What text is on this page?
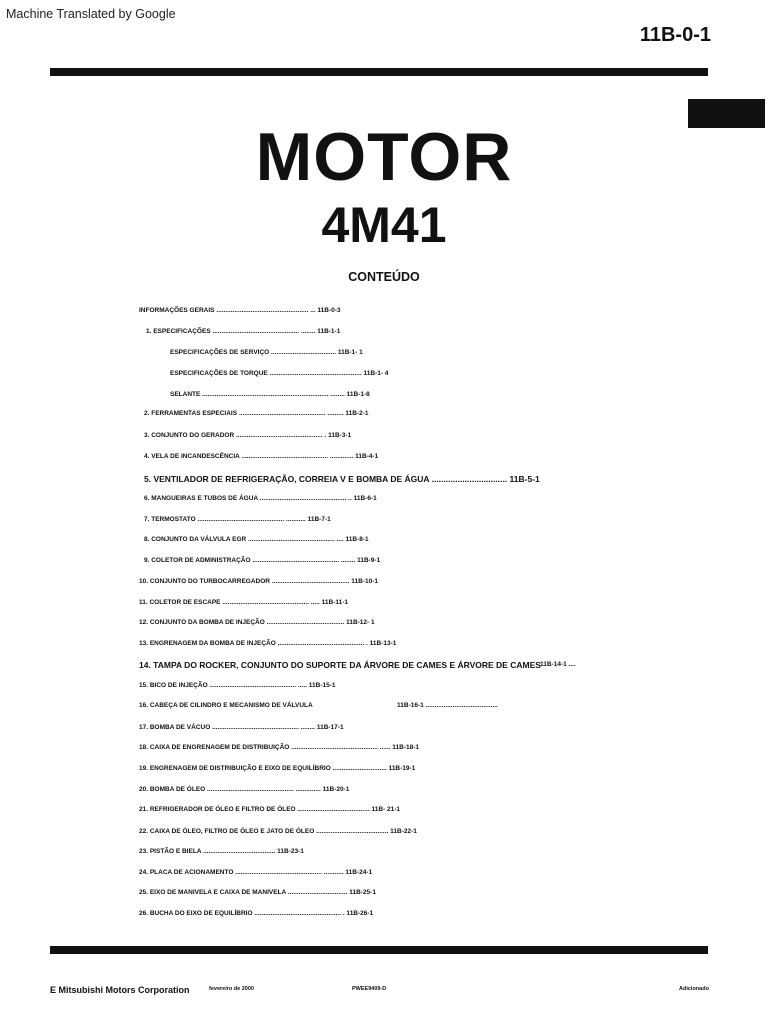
Machine Translated by Google
11B-0-1
MOTOR
4M41
CONTEÚDO
INFORMAÇÕES GERAIS ................................................... ... 11B-0-3
1. ESPECIFICAÇÕES ................................................ ........ 11B-1-1
ESPECIFICAÇÕES DE SERVIÇO .................................... 11B-1- 1
ESPECIFICAÇÕES DE TORQUE ................................................... 11B-1- 4
SELANTE ...................................................................... ........ 11B-1-8
2. FERRAMENTAS ESPECIAIS ................................................ ......... 11B-2-1
3. CONJUNTO DO GERADOR ................................................ . 11B-3-1
4. VELA DE INCANDESCÊNCIA ................................................ ............. 11B-4-1
5. VENTILADOR DE REFRIGERAÇÃO, CORREIA V E BOMBA DE ÁGUA ................................ 11B-5-1
6. MANGUEIRAS E TUBOS DE ÁGUA ................................................ .. 11B-6-1
7. TERMOSTATO ................................................ ........... 11B-7-1
8. CONJUNTO DA VÁLVULA EGR ................................................ .... 11B-8-1
9. COLETOR DE ADMINISTRAÇÃO ................................................ ........ 11B-9-1
10. CONJUNTO DO TURBOCARREGADOR ........................................... 11B-10-1
11. COLETOR DE ESCAPE ................................................ ..... 11B-11-1
12. CONJUNTO DA BOMBA DE INJEÇÃO ........................................... 11B-12- 1
13. ENGRENAGEM DA BOMBA DE INJEÇÃO ................................................ . 11B-13-1
14. TAMPA DO ROCKER, CONJUNTO DO SUPORTE DA ÁRVORE DE CAMES E ÁRVORE DE CAMES 11B-14-1 ....
15. BICO DE INJEÇÃO ................................................ ..... 11B-15-1
16. CABEÇA DE CILINDRO E MECANISMO DE VÁLVULA	11B-16-1 ........................................
17. BOMBA DE VÁCUO ................................................ ........ 11B-17-1
18. CAIXA DE ENGRENAGEM DE DISTRIBUIÇÃO ................................................ ...... 11B-18-1
19. ENGRENAGEM DE DISTRIBUIÇÃO E EIXO DE EQUILÍBRIO .............................. 11B-19-1
20. BOMBA DE ÓLEO ................................................ .............. 11B-20-1
21. REFRIGERADOR DE ÓLEO E FILTRO DE ÓLEO ........................................ 11B- 21-1
22. CAIXA DE ÓLEO, FILTRO DE ÓLEO E JATO DE ÓLEO ........................................ 11B-22-1
23. PISTÃO E BIELA ........................................ 11B-23-1
24. PLACA DE ACIONAMENTO ................................................ ........... 11B-24-1
25. EIXO DE MANIVELA E CAIXA DE MANIVELA ................................. 11B-25-1
26. BUCHA DO EIXO DE EQUILÍBRIO ................................................ . 11B-26-1
E Mitsubishi Motors Corporation	fevereiro de 2000	PWEE9409-D	Adicionado
